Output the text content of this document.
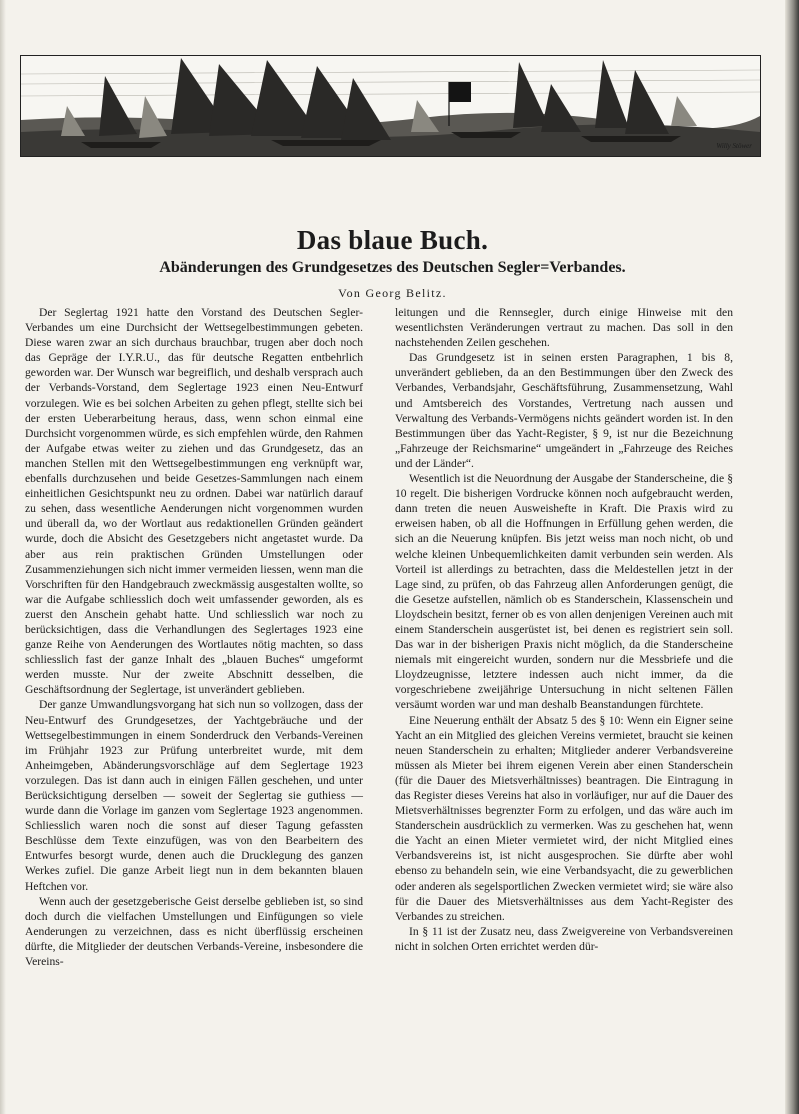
Willy Stöwer
Das blaue Buch.
Abänderungen des Grundgesetzes des Deutschen Segler=Verbandes.
Von Georg Belitz.

Der Seglertag 1921 hatte den Vorstand des Deutschen Segler-Verbandes um eine Durchsicht der Wettsegelbestimmungen gebeten. Diese waren zwar an sich durchaus brauchbar, trugen aber doch noch das Gepräge der I.Y.R.U., das für deutsche Regatten entbehrlich geworden war. Der Wunsch war begreiflich, und deshalb versprach auch der Verbands-Vorstand, dem Seglertage 1923 einen Neu-Entwurf vorzulegen. Wie es bei solchen Arbeiten zu gehen pflegt, stellte sich bei der ersten Ueberarbeitung heraus, dass, wenn schon einmal eine Durchsicht vorgenommen würde, es sich empfehlen würde, den Rahmen der Aufgabe etwas weiter zu ziehen und das Grundgesetz, das an manchen Stellen mit den Wettsegelbestimmungen eng verknüpft war, ebenfalls durchzusehen und beide Gesetzes-Sammlungen nach einem einheitlichen Gesichtspunkt neu zu ordnen. Dabei war natürlich darauf zu sehen, dass wesentliche Aenderungen nicht vorgenommen wurden und überall da, wo der Wortlaut aus redaktionellen Gründen geändert wurde, doch die Absicht des Gesetzgebers nicht angetastet wurde. Da aber aus rein praktischen Gründen Umstellungen oder Zusammenziehungen sich nicht immer vermeiden liessen, wenn man die Vorschriften für den Handgebrauch zweckmässig ausgestalten wollte, so war die Aufgabe schliesslich doch weit umfassender geworden, als es zuerst den Anschein gehabt hatte. Und schliesslich war noch zu berücksichtigen, dass die Verhandlungen des Seglertages 1923 eine ganze Reihe von Aenderungen des Wortlautes nötig machten, so dass schliesslich fast der ganze Inhalt des „blauen Buches“ umgeformt werden musste. Nur der zweite Abschnitt desselben, die Geschäftsordnung der Seglertage, ist unverändert geblieben.

Der ganze Umwandlungsvorgang hat sich nun so vollzogen, dass der Neu-Entwurf des Grundgesetzes, der Yachtgebräuche und der Wettsegelbestimmungen in einem Sonderdruck den Verbands-Vereinen im Frühjahr 1923 zur Prüfung unterbreitet wurde, mit dem Anheimgeben, Abänderungsvorschläge auf dem Seglertage 1923 vorzulegen. Das ist dann auch in einigen Fällen geschehen, und unter Berücksichtigung derselben — soweit der Seglertag sie guthiess — wurde dann die Vorlage im ganzen vom Seglertage 1923 angenommen. Schliesslich waren noch die sonst auf dieser Tagung gefassten Beschlüsse dem Texte einzufügen, was von den Bearbeitern des Entwurfes besorgt wurde, denen auch die Drucklegung des ganzen Werkes zufiel. Die ganze Arbeit liegt nun in dem bekannten blauen Heftchen vor.

Wenn auch der gesetzgeberische Geist derselbe geblieben ist, so sind doch durch die vielfachen Umstellungen und Einfügungen so viele Aenderungen zu verzeichnen, dass es nicht überflüssig erscheinen dürfte, die Mitglieder der deutschen Verbands-Vereine, insbesondere die Vereins-

leitungen und die Rennsegler, durch einige Hinweise mit den wesentlichsten Veränderungen vertraut zu machen. Das soll in den nachstehenden Zeilen geschehen.

Das Grundgesetz ist in seinen ersten Paragraphen, 1 bis 8, unverändert geblieben, da an den Bestimmungen über den Zweck des Verbandes, Verbandsjahr, Geschäftsführung, Zusammensetzung, Wahl und Amtsbereich des Vorstandes, Vertretung nach aussen und Verwaltung des Verbands-Vermögens nichts geändert worden ist. In den Bestimmungen über das Yacht-Register, § 9, ist nur die Bezeichnung „Fahrzeuge der Reichsmarine“ umgeändert in „Fahrzeuge des Reiches und der Länder“.

Wesentlich ist die Neuordnung der Ausgabe der Standerscheine, die § 10 regelt. Die bisherigen Vordrucke können noch aufgebraucht werden, dann treten die neuen Ausweishefte in Kraft. Die Praxis wird zu erweisen haben, ob all die Hoffnungen in Erfüllung gehen werden, die sich an die Neuerung knüpfen. Bis jetzt weiss man noch nicht, ob und welche kleinen Unbequemlichkeiten damit verbunden sein werden. Als Vorteil ist allerdings zu betrachten, dass die Meldestellen jetzt in der Lage sind, zu prüfen, ob das Fahrzeug allen Anforderungen genügt, die die Gesetze aufstellen, nämlich ob es Standerschein, Klassenschein und Lloydschein besitzt, ferner ob es von allen denjenigen Vereinen auch mit einem Standerschein ausgerüstet ist, bei denen es registriert sein soll. Das war in der bisherigen Praxis nicht möglich, da die Standerscheine niemals mit eingereicht wurden, sondern nur die Messbriefe und die Lloydzeugnisse, letztere indessen auch nicht immer, da die vorgeschriebene zweijährige Untersuchung in nicht seltenen Fällen versäumt worden war und man deshalb Beanstandungen fürchtete.

Eine Neuerung enthält der Absatz 5 des § 10: Wenn ein Eigner seine Yacht an ein Mitglied des gleichen Vereins vermietet, braucht sie keinen neuen Standerschein zu erhalten; Mitglieder anderer Verbandsvereine müssen als Mieter bei ihrem eigenen Verein aber einen Standerschein (für die Dauer des Mietsverhältnisses) beantragen. Die Eintragung in das Register dieses Vereins hat also in vorläufiger, nur auf die Dauer des Mietsverhältnisses begrenzter Form zu erfolgen, und das wäre auch im Standerschein ausdrücklich zu vermerken. Was zu geschehen hat, wenn die Yacht an einen Mieter vermietet wird, der nicht Mitglied eines Verbandsvereins ist, ist nicht ausgesprochen. Sie dürfte aber wohl ebenso zu behandeln sein, wie eine Verbandsyacht, die zu gewerblichen oder anderen als segelsportlichen Zwecken vermietet wird; sie wäre also für die Dauer des Mietsverhältnisses aus dem Yacht-Register des Verbandes zu streichen.

In § 11 ist der Zusatz neu, dass Zweigvereine von Verbandsvereinen nicht in solchen Orten errichtet werden dür-
